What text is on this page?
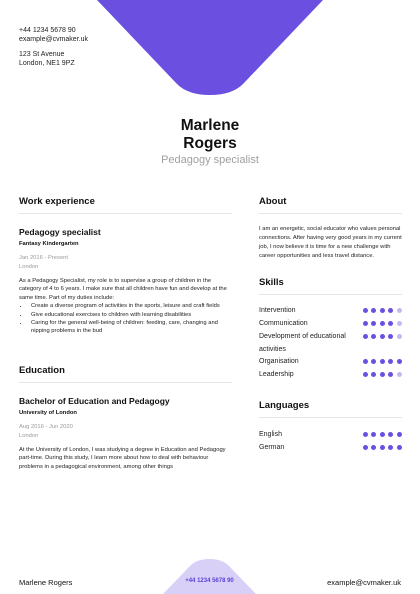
+44 1234 5678 90
example@cvmaker.uk
123 St Avenue
London, NE1 9PZ
Marlene
Rogers
Pedagogy specialist
Work experience
Pedagogy specialist
Fantasy Kindergarten
Jan 2016 - Present
London
As a Pedagogy Specialist, my role is to supervise a group of children in the category of 4 to 6 years. I make sure that all children have fun and develop at the same time. Part of my duties include:
• Create a diverse program of activities in the sports, leisure and craft fields
• Give educational exercises to children with learning disabilities
• Caring for the general well-being of children: feeding, care, changing and nipping problems in the bud
Education
Bachelor of Education and Pedagogy
University of London
Aug 2016 - Jun 2020
London
At the University of London, I was studying a degree in Education and Pedagogy part-time. During this study, I learn more about how to deal with behaviour problems in a pedagogical environment, among other things
About
I am an energetic, social educator who values personal connections. After having very good years in my current job, I now believe it is time for a new challenge with career opportunities and less travel distance.
Skills
Intervention
Communication
Development of educational activities
Organisation
Leadership
Languages
English
German
Marlene Rogers	+44 1234 5678 90	example@cvmaker.uk
